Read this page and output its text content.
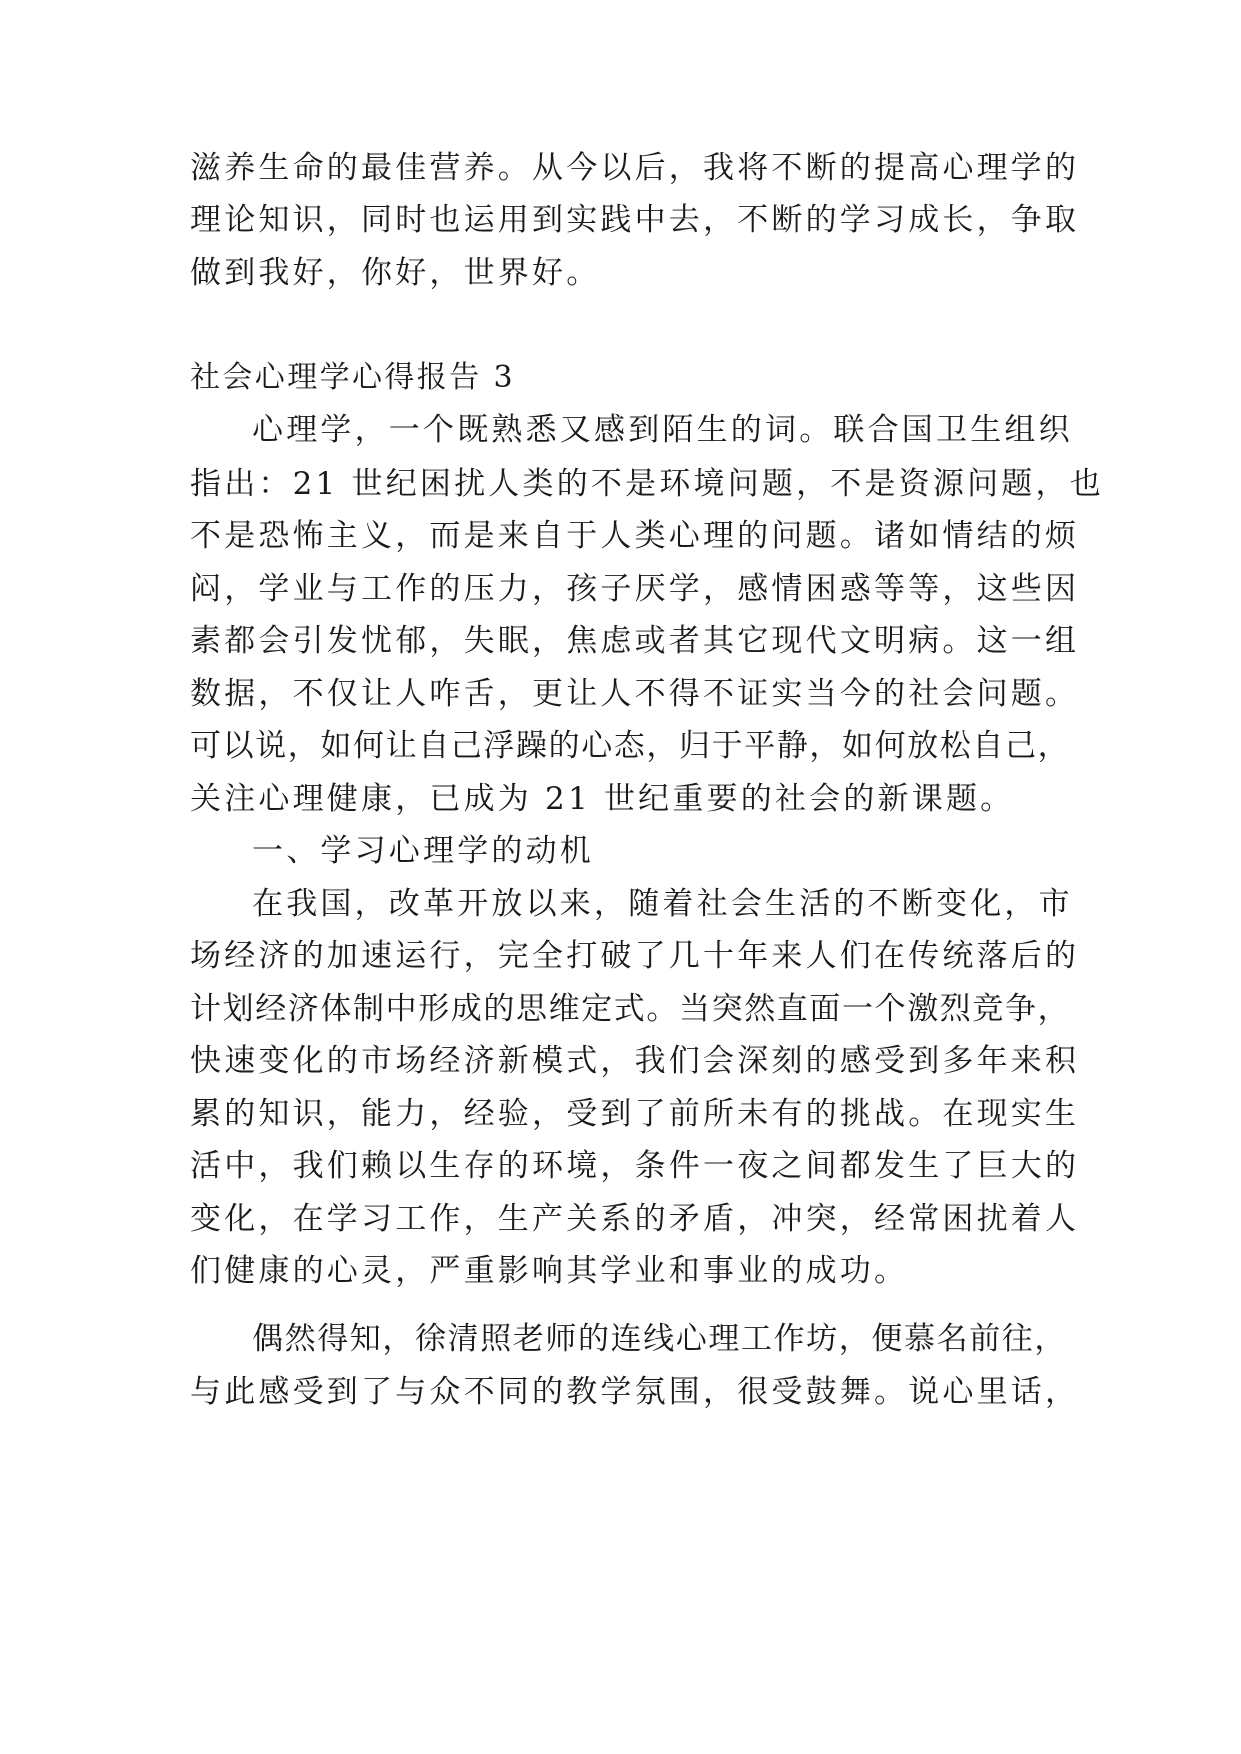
滋养生命的最佳营养。从今以后，我将不断的提高心理学的
理论知识，同时也运用到实践中去，不断的学习成长，争取
做到我好，你好，世界好。
社会心理学心得报告 3
心理学，一个既熟悉又感到陌生的词。联合国卫生组织
指出：21 世纪困扰人类的不是环境问题，不是资源问题，也
不是恐怖主义，而是来自于人类心理的问题。诸如情结的烦
闷，学业与工作的压力，孩子厌学，感情困惑等等，这些因
素都会引发忧郁，失眠，焦虑或者其它现代文明病。这一组
数据，不仅让人咋舌，更让人不得不证实当今的社会问题。
可以说，如何让自己浮躁的心态，归于平静，如何放松自己，
关注心理健康，已成为 21 世纪重要的社会的新课题。
一、学习心理学的动机
在我国，改革开放以来，随着社会生活的不断变化，市
场经济的加速运行，完全打破了几十年来人们在传统落后的
计划经济体制中形成的思维定式。当突然直面一个激烈竞争，
快速变化的市场经济新模式，我们会深刻的感受到多年来积
累的知识，能力，经验，受到了前所未有的挑战。在现实生
活中，我们赖以生存的环境，条件一夜之间都发生了巨大的
变化，在学习工作，生产关系的矛盾，冲突，经常困扰着人
们健康的心灵，严重影响其学业和事业的成功。
偶然得知，徐清照老师的连线心理工作坊，便慕名前往，
与此感受到了与众不同的教学氛围，很受鼓舞。说心里话，
